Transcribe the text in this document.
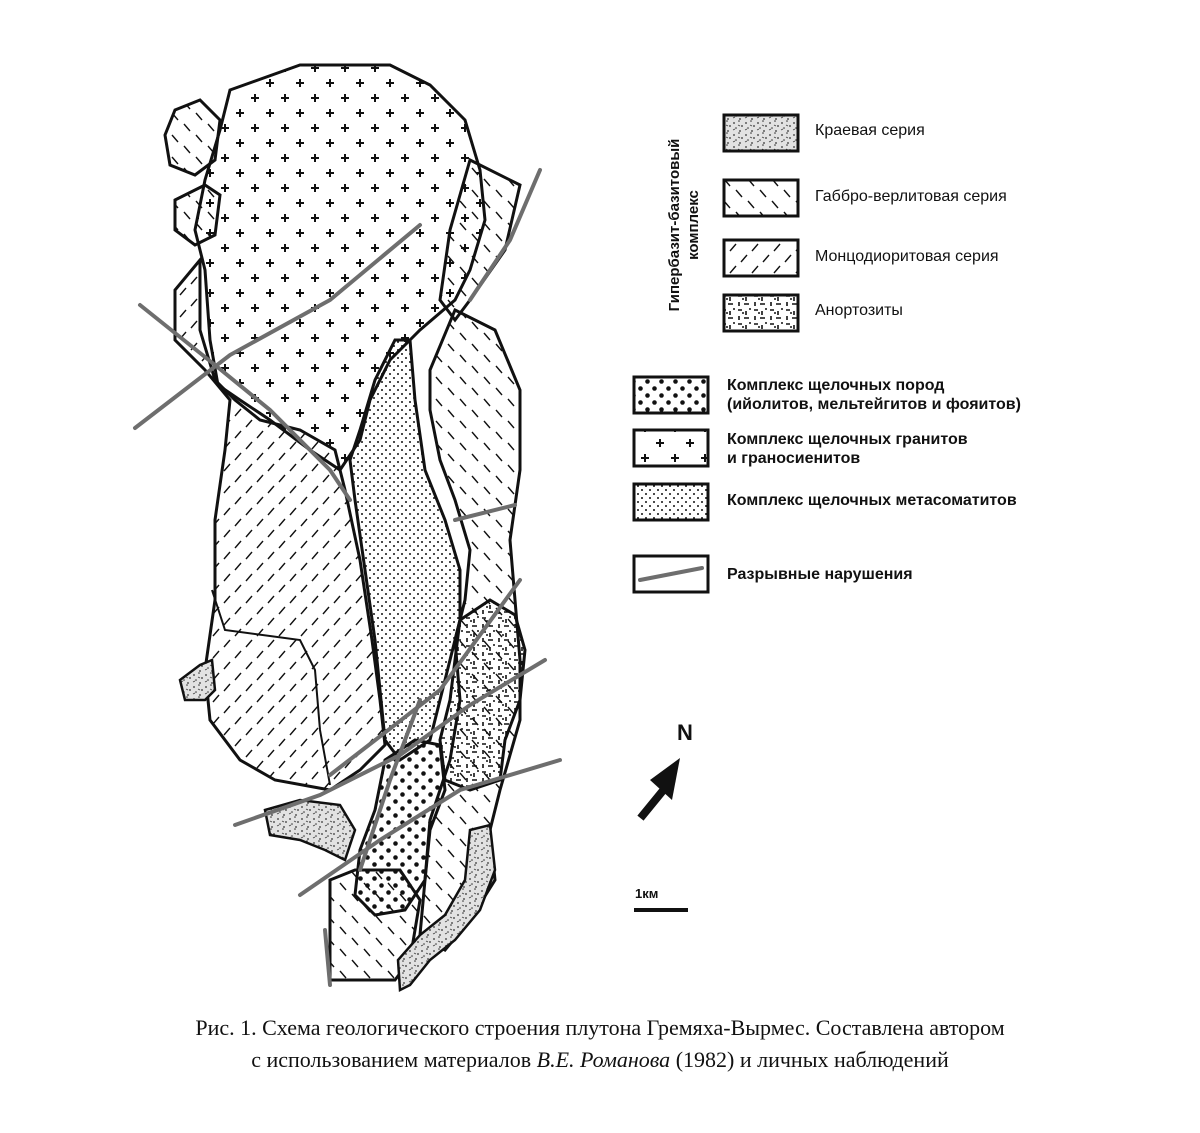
Гипербазит-базитовый комплекс
Краевая серия
Габбро-верлитовая серия
Монцодиоритовая серия
Анортозиты
Комплекс щелочных пород
(ийолитов, мельтейгитов и фояитов)
Комплекс щелочных гранитов
и граносиенитов
Комплекс щелочных метасоматитов
Разрывные нарушения
N
1км
Рис. 1. Схема геологического строения плутона Гремяха-Вырмес. Составлена автором
с использованием материалов В.Е. Романова (1982) и личных наблюдений
